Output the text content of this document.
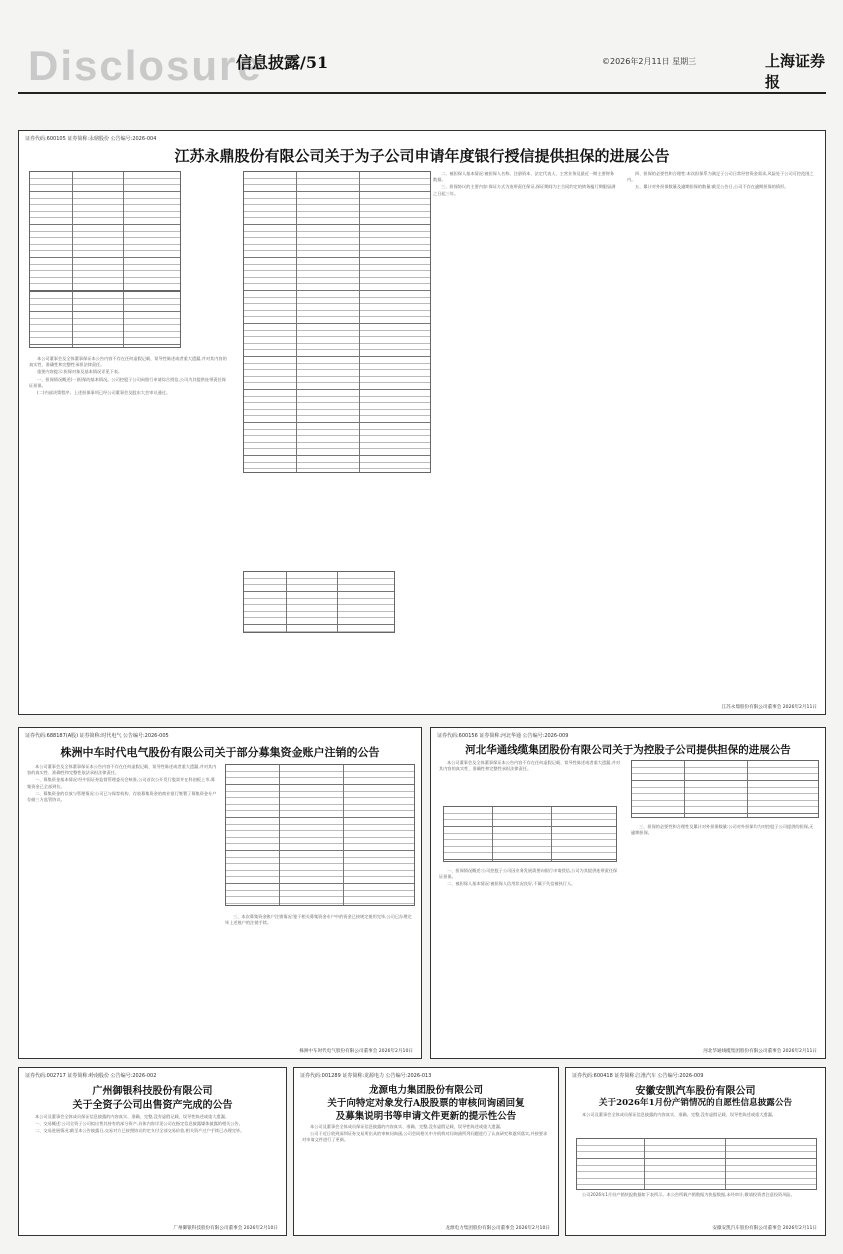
Disclosure
信息披露/51	©2026年2月11日 星期三	上海证券报
证券代码:600105 证券简称:永鼎股份 公告编号:2026-004
江苏永鼎股份有限公司关于为子公司申请年度银行授信提供担保的进展公告

本公司董事会及全体董事保证本公告内容不存在任何虚假记载、误导性陈述或者重大遗漏,并对其内容的真实性、准确性和完整性承担法律责任。

重要内容提示:担保对象及基本情况详见下表。

一、担保情况概述(一)担保的基本情况。公司控股子公司向银行申请综合授信,公司为其提供连带责任保证担保。

(二)内部决策程序。上述担保事项已经公司董事会及股东大会审议通过。

二、被担保人基本情况:被担保人名称、注册资本、法定代表人、主营业务及最近一期主要财务数据。

三、担保协议的主要内容:保证方式为连带责任保证,保证期间为主合同约定的债务履行期限届满之日起三年。

四、担保的必要性和合理性:本次担保系为满足子公司日常经营资金需求,风险处于公司可控范围之内。

五、累计对外担保数量及逾期担保的数量:截至公告日,公司不存在逾期担保的情形。

江苏永鼎股份有限公司董事会 2026年2月11日
证券代码:688187(A股) 证券简称:时代电气 公告编号:2026-005
株洲中车时代电气股份有限公司关于部分募集资金账户注销的公告

本公司董事会及全体董事保证本公告内容不存在任何虚假记载、误导性陈述或者重大遗漏,并对其内容的真实性、准确性和完整性依法承担法律责任。

一、募集资金基本情况:经中国证券监督管理委员会核准,公司首次公开发行股票并在科创板上市,募集资金已全部到位。

二、募集资金的存放与管理情况:公司已与保荐机构、存放募集资金的商业银行签署了募集资金专户存储三方监管协议。

三、本次募集资金账户注销情况:鉴于相关募集资金专户中的资金已按规定使用完毕,公司已办理完毕上述账户的注销手续。

株洲中车时代电气股份有限公司董事会 2026年2月10日
证券代码:600156 证券简称:河北华通 公告编号:2026-009
河北华通线缆集团股份有限公司关于为控股子公司提供担保的进展公告

本公司董事会及全体董事保证本公告内容不存在任何虚假记载、误导性陈述或者重大遗漏,并对其内容的真实性、准确性和完整性承担法律责任。

一、担保情况概述:公司控股子公司因业务发展需要向银行申请授信,公司为其提供连带责任保证担保。

二、被担保人基本情况:被担保人信用状况良好,不属于失信被执行人。

三、担保的必要性和合理性及累计对外担保数量:公司对外担保均为对控股子公司提供的担保,无逾期担保。

河北华通线缆集团股份有限公司董事会 2026年2月11日
证券代码:002717 证券简称:岭南股份 公告编号:2026-002
广州御银科技股份有限公司
关于全资子公司出售资产完成的公告

本公司及董事会全体成员保证信息披露的内容真实、准确、完整,没有虚假记载、误导性陈述或重大遗漏。

一、交易概述:公司全资子公司拟出售其持有的部分资产,具体内容详见公司在指定信息披露媒体披露的相关公告。

二、交易进展情况:截至本公告披露日,交易对方已按照协议约定支付全部交易价款,相关资产过户手续已办理完毕。

广州御银科技股份有限公司董事会 2026年2月10日
证券代码:001289 证券简称:龙源电力 公告编号:2026-013
龙源电力集团股份有限公司
关于向特定对象发行A股股票的审核问询函回复
及募集说明书等申请文件更新的提示性公告

本公司及董事会全体成员保证信息披露的内容真实、准确、完整,没有虚假记载、误导性陈述或重大遗漏。

公司于近日收到深圳证券交易所出具的审核问询函,公司会同相关中介机构对问询函所列问题进行了认真研究和逐项落实,并按要求对申请文件进行了更新。

龙源电力集团股份有限公司董事会 2026年2月10日
证券代码:600418 证券简称:江淮汽车 公告编号:2026-009
安徽安凯汽车股份有限公司
关于2026年1月份产销情况的自愿性信息披露公告

本公司及董事会全体成员保证信息披露的内容真实、准确、完整,没有虚假记载、误导性陈述或重大遗漏。

公司2026年1月份产销快报数据如下表所示。本公告所载产销数据为快报数据,未经审计,敬请投资者注意投资风险。

安徽安凯汽车股份有限公司董事会 2026年2月11日
